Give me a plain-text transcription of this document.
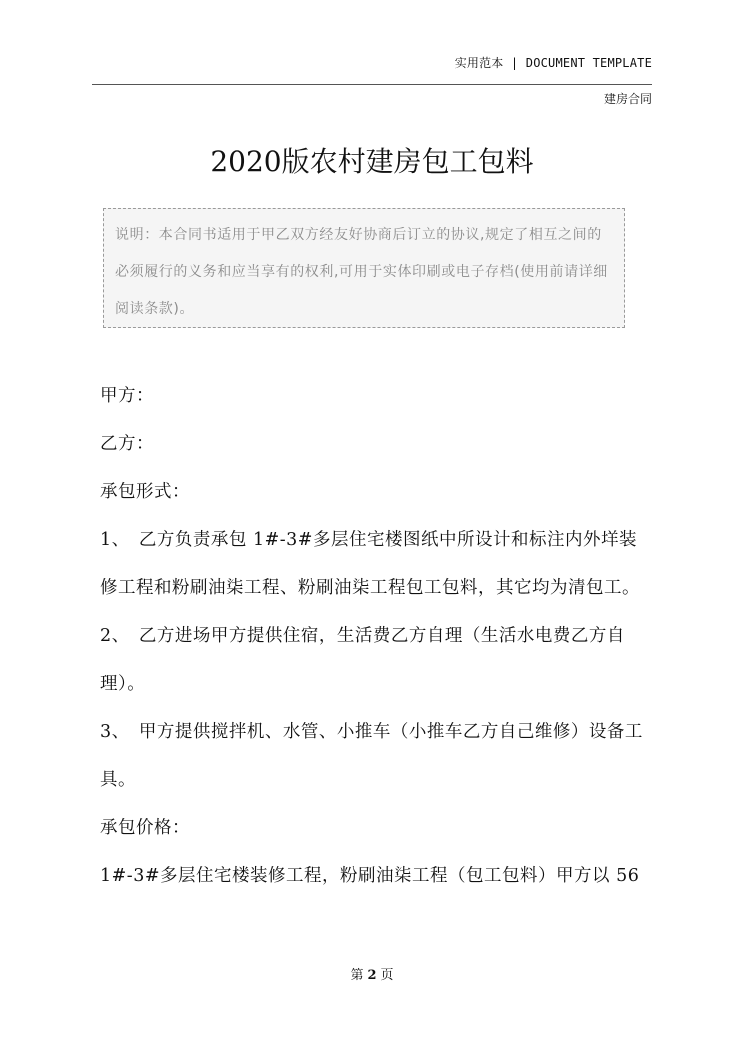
实用范本 | DOCUMENT TEMPLATE
建房合同
2020版农村建房包工包料
说明：本合同书适用于甲乙双方经友好协商后订立的协议,规定了相互之间的必须履行的义务和应当享有的权利,可用于实体印刷或电子存档(使用前请详细阅读条款)。

甲方：

乙方：

承包形式：

1、　乙方负责承包 1#-3#多层住宅楼图纸中所设计和标注内外垟装修工程和粉刷油柒工程、粉刷油柒工程包工包料，其它均为清包工。

2、　乙方进场甲方提供住宿，生活费乙方自理（生活水电费乙方自理）。

3、　甲方提供搅拌机、水管、小推车（小推车乙方自己维修）设备工具。

承包价格：

1#-3#多层住宅楼装修工程，粉刷油柒工程（包工包料）甲方以 56

第 2 页
